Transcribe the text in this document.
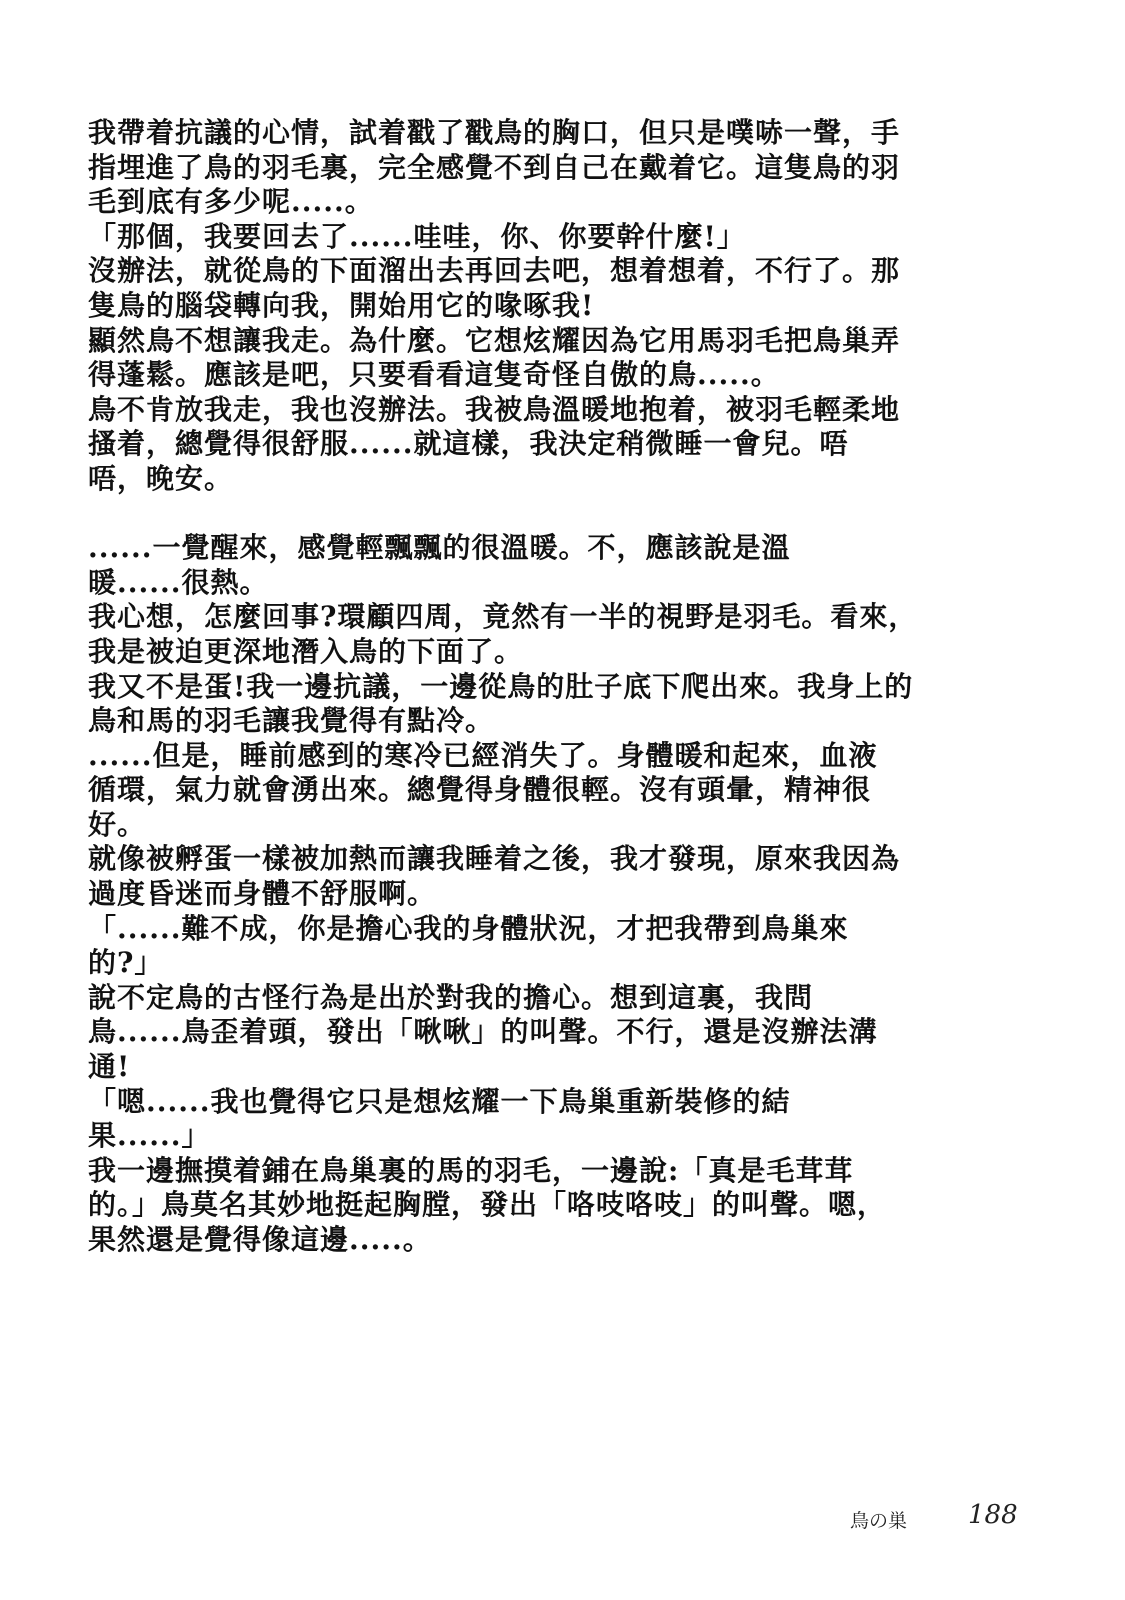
我帶着抗議的心情，試着戳了戳鳥的胸口，但只是噗哧一聲，手
指埋進了鳥的羽毛裏，完全感覺不到自己在戴着它。這隻鳥的羽
毛到底有多少呢.....。
「那個，我要回去了......哇哇，你、你要幹什麼!」
沒辦法，就從鳥的下面溜出去再回去吧，想着想着，不行了。那
隻鳥的腦袋轉向我，開始用它的喙啄我!
顯然鳥不想讓我走。為什麼。它想炫耀因為它用馬羽毛把鳥巢弄
得蓬鬆。應該是吧，只要看看這隻奇怪自傲的鳥.....。
鳥不肯放我走，我也沒辦法。我被鳥溫暖地抱着，被羽毛輕柔地
搔着，總覺得很舒服......就這樣，我決定稍微睡一會兒。唔
唔，晚安。
......一覺醒來，感覺輕飄飄的很溫暖。不，應該說是溫
暖......很熱。
我心想，怎麼回事?環顧四周，竟然有一半的視野是羽毛。看來，
我是被迫更深地潛入鳥的下面了。
我又不是蛋!我一邊抗議，一邊從鳥的肚子底下爬出來。我身上的
鳥和馬的羽毛讓我覺得有點冷。
......但是，睡前感到的寒冷已經消失了。身體暖和起來，血液
循環，氣力就會湧出來。總覺得身體很輕。沒有頭暈，精神很
好。
就像被孵蛋一樣被加熱而讓我睡着之後，我才發現，原來我因為
過度昏迷而身體不舒服啊。
「......難不成，你是擔心我的身體狀況，才把我帶到鳥巢來
的?」
說不定鳥的古怪行為是出於對我的擔心。想到這裏，我問
鳥......鳥歪着頭，發出「啾啾」的叫聲。不行，還是沒辦法溝
通!
「嗯......我也覺得它只是想炫耀一下鳥巢重新裝修的結
果......」
我一邊撫摸着鋪在鳥巢裏的馬的羽毛，一邊說:「真是毛茸茸
的。」鳥莫名其妙地挺起胸膛，發出「咯吱咯吱」的叫聲。嗯，
果然還是覺得像這邊.....。
鳥の巣 188
